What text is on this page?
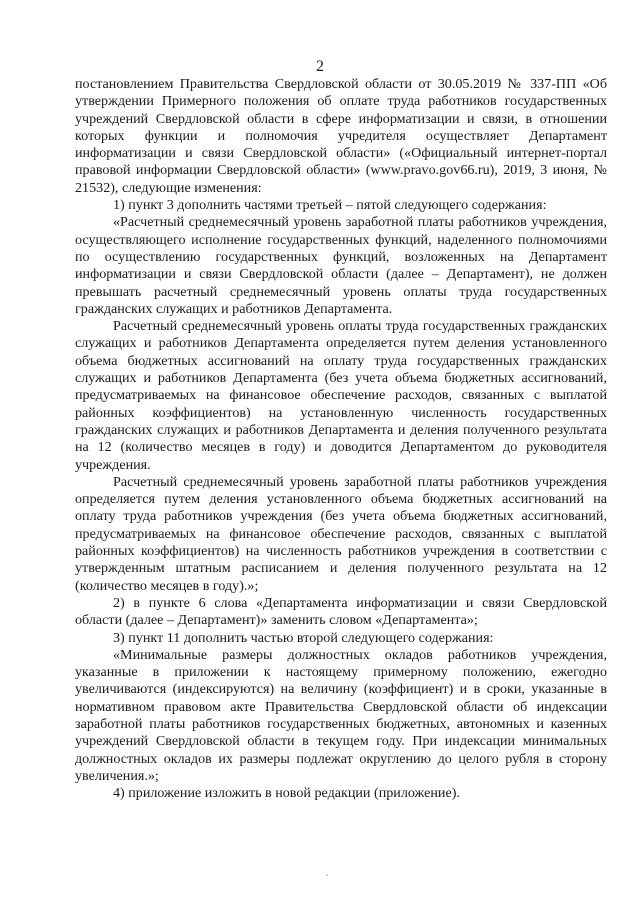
2

постановлением Правительства Свердловской области от 30.05.2019 № 337-ПП «Об утверждении Примерного положения об оплате труда работников государственных учреждений Свердловской области в сфере информатизации и связи, в отношении которых функции и полномочия учредителя осуществляет Департамент информатизации и связи Свердловской области» («Официальный интернет-портал правовой информации Свердловской области» (www.pravo.gov66.ru), 2019, 3 июня, № 21532), следующие изменения:

1) пункт 3 дополнить частями третьей – пятой следующего содержания:

«Расчетный среднемесячный уровень заработной платы работников учреждения, осуществляющего исполнение государственных функций, наделенного полномочиями по осуществлению государственных функций, возложенных на Департамент информатизации и связи Свердловской области (далее – Департамент), не должен превышать расчетный среднемесячный уровень оплаты труда государственных гражданских служащих и работников Департамента.

Расчетный среднемесячный уровень оплаты труда государственных гражданских служащих и работников Департамента определяется путем деления установленного объема бюджетных ассигнований на оплату труда государственных гражданских служащих и работников Департамента (без учета объема бюджетных ассигнований, предусматриваемых на финансовое обеспечение расходов, связанных с выплатой районных коэффициентов) на установленную численность государственных гражданских служащих и работников Департамента и деления полученного результата на 12 (количество месяцев в году) и доводится Департаментом до руководителя учреждения.

Расчетный среднемесячный уровень заработной платы работников учреждения определяется путем деления установленного объема бюджетных ассигнований на оплату труда работников учреждения (без учета объема бюджетных ассигнований, предусматриваемых на финансовое обеспечение расходов, связанных с выплатой районных коэффициентов) на численность работников учреждения в соответствии с утвержденным штатным расписанием и деления полученного результата на 12 (количество месяцев в году).»;

2) в пункте 6 слова «Департамента информатизации и связи Свердловской области (далее – Департамент)» заменить словом «Департамента»;

3) пункт 11 дополнить частью второй следующего содержания:

«Минимальные размеры должностных окладов работников учреждения, указанные в приложении к настоящему примерному положению, ежегодно увеличиваются (индексируются) на величину (коэффициент) и в сроки, указанные в нормативном правовом акте Правительства Свердловской области об индексации заработной платы работников государственных бюджетных, автономных и казенных учреждений Свердловской области в текущем году. При индексации минимальных должностных окладов их размеры подлежат округлению до целого рубля в сторону увеличения.»;

4) приложение изложить в новой редакции (приложение).
